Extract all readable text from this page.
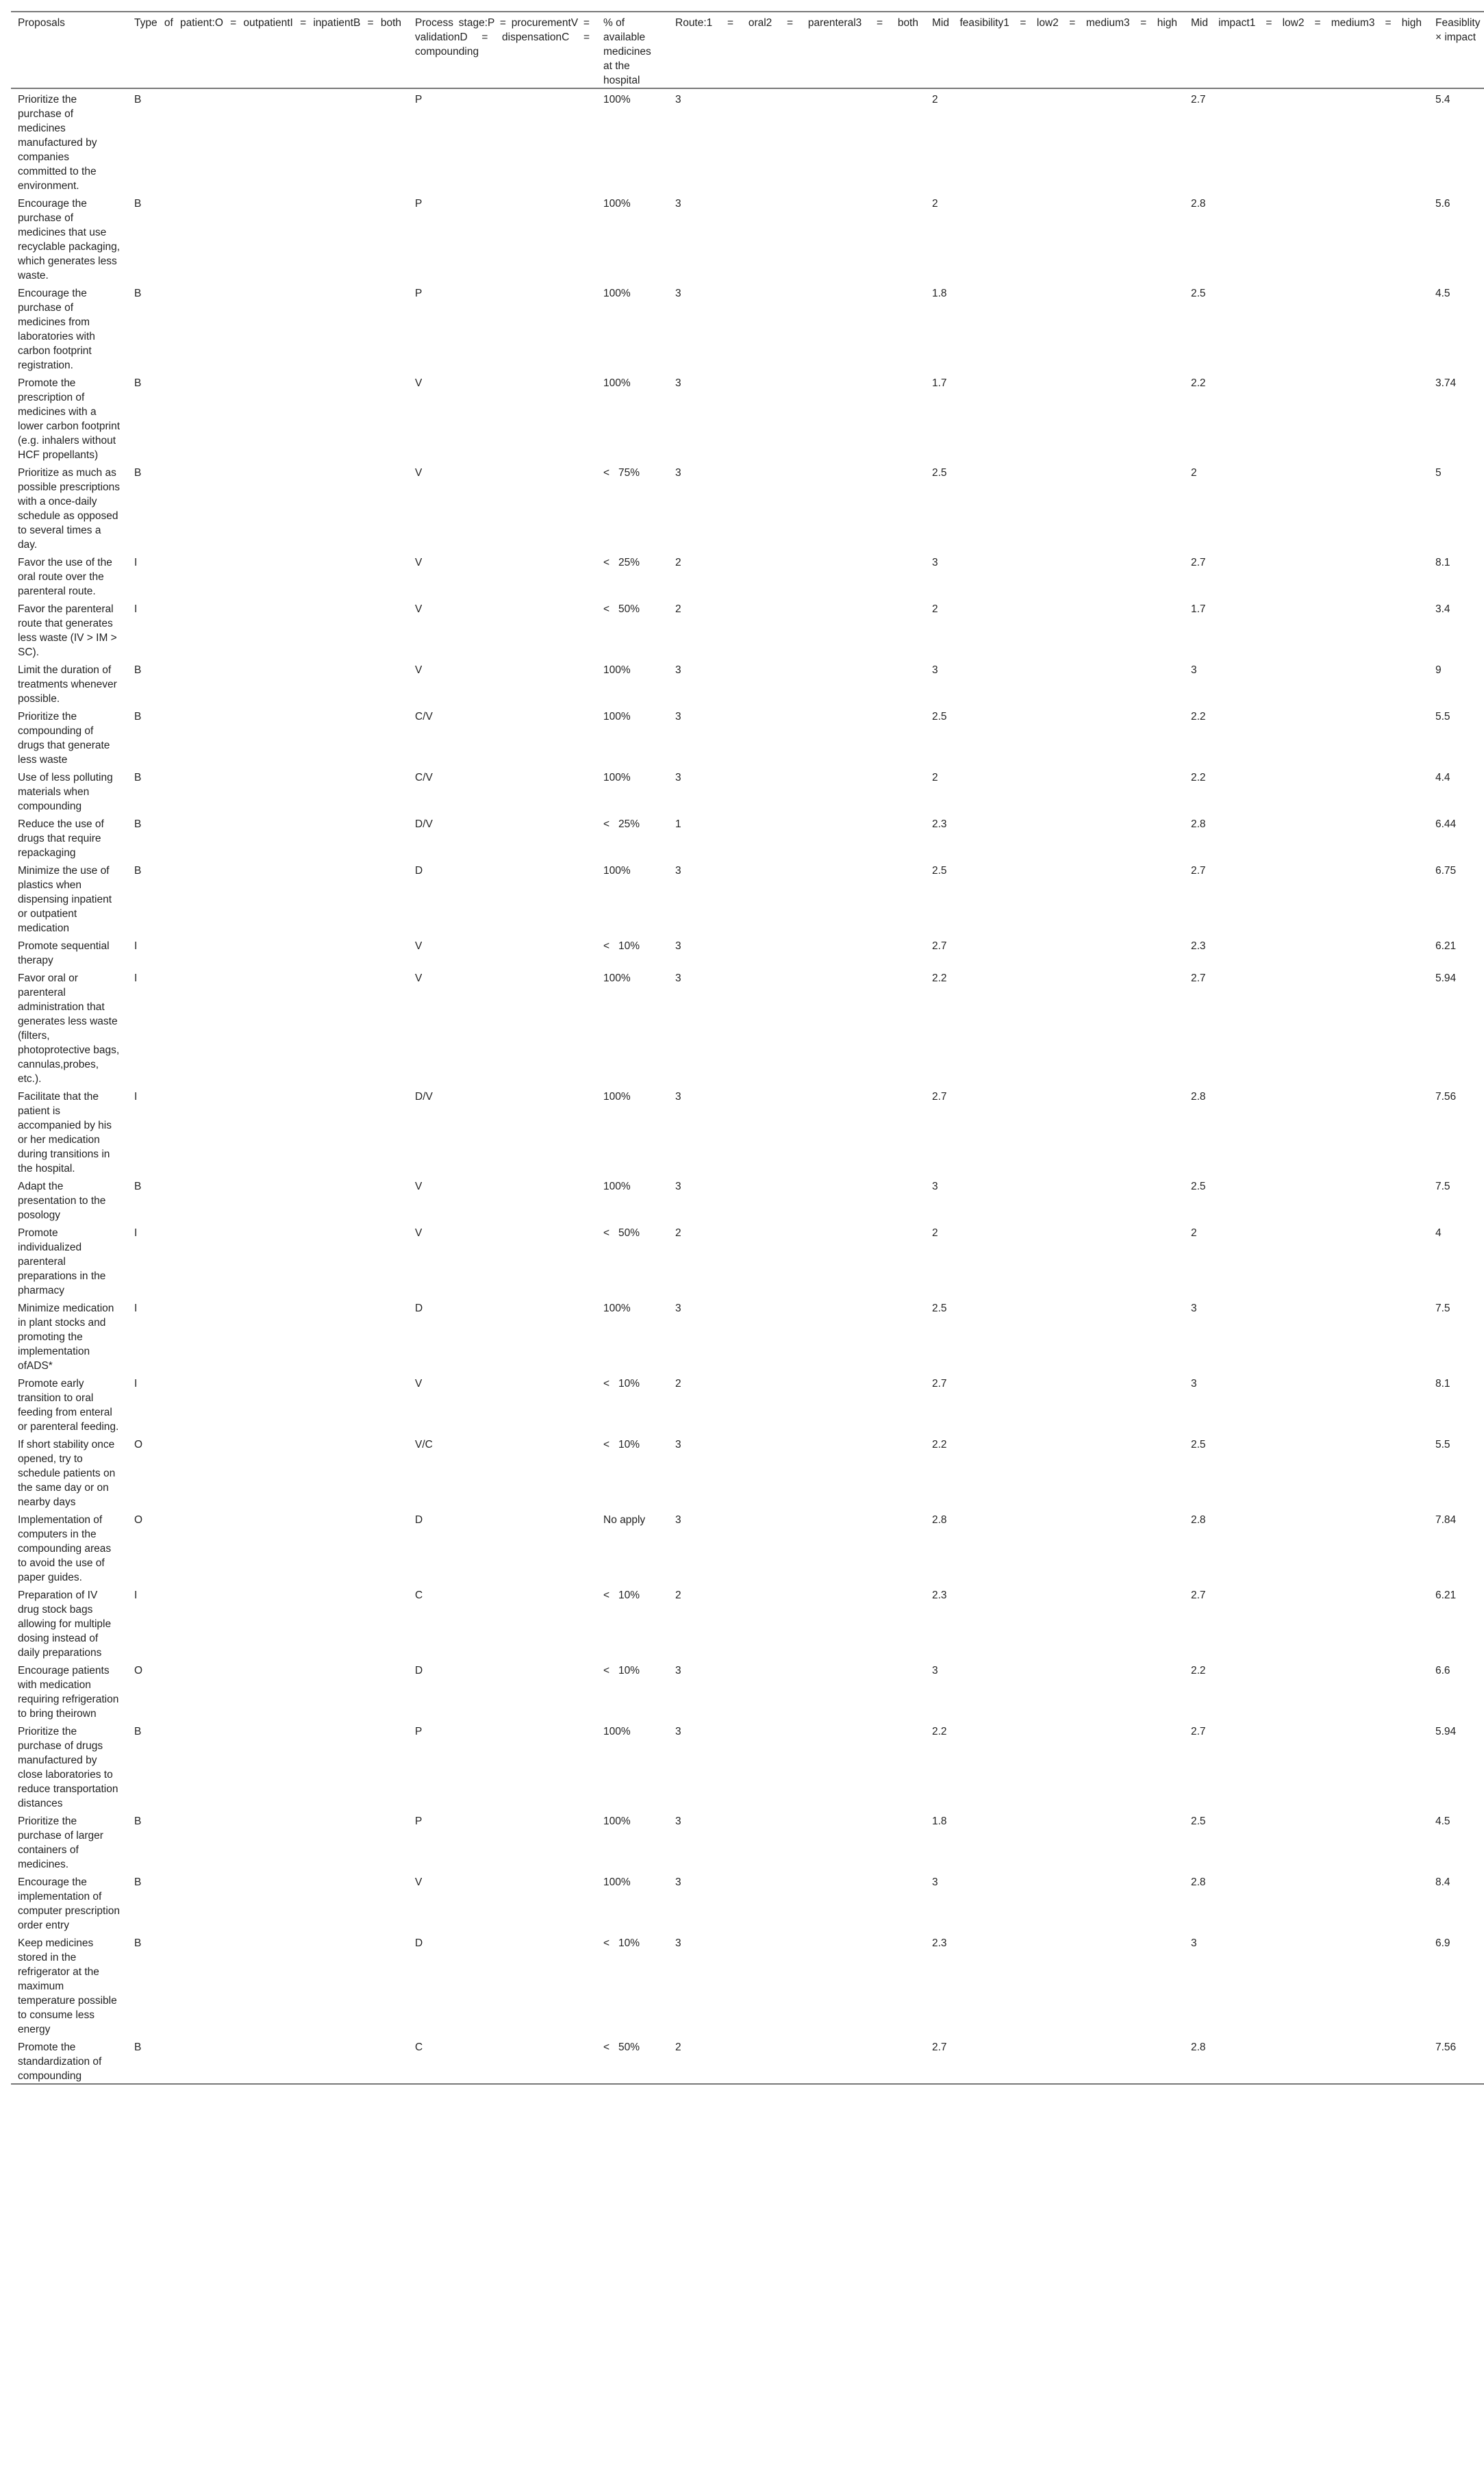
Proposals	Type of patient:O = outpatientI = inpatientB = both	Process stage:P = procurementV = validationD = dispensationC = compounding	% of available medicines at the hospital	Route:1 = oral2 = parenteral3 = both	Mid feasibility1 = low2 = medium3 = high	Mid impact1 = low2 = medium3 = high	Feasiblity × impact
Prioritize the purchase of medicines manufactured by companies committed to the environment.	B	P	100%	3	2	2.7	5.4
Encourage the purchase of medicines that use recyclable packaging, which generates less waste.	B	P	100%	3	2	2.8	5.6
Encourage the purchase of medicines from laboratories with carbon footprint registration.	B	P	100%	3	1.8	2.5	4.5
Promote the prescription of medicines with a lower carbon footprint (e.g. inhalers without HCF propellants)	B	V	100%	3	1.7	2.2	3.74
Prioritize as much as possible prescriptions with a once-daily schedule as opposed to several times a day.	B	V	<   75%	3	2.5	2	5
Favor the use of the oral route over the parenteral route.	I	V	<   25%	2	3	2.7	8.1
Favor the parenteral route that generates less waste (IV > IM > SC).	I	V	<   50%	2	2	1.7	3.4
Limit the duration of treatments whenever possible.	B	V	100%	3	3	3	9
Prioritize the compounding of drugs that generate less waste	B	C/V	100%	3	2.5	2.2	5.5
Use of less polluting materials when compounding	B	C/V	100%	3	2	2.2	4.4
Reduce the use of drugs that require repackaging	B	D/V	<   25%	1	2.3	2.8	6.44
Minimize the use of plastics when dispensing inpatient or outpatient medication	B	D	100%	3	2.5	2.7	6.75
Promote sequential therapy	I	V	<   10%	3	2.7	2.3	6.21
Favor oral or parenteral administration that generates less waste (filters, photoprotective bags, cannulas,probes, etc.).	I	V	100%	3	2.2	2.7	5.94
Facilitate that the patient is accompanied by his or her medication during transitions in the hospital.	I	D/V	100%	3	2.7	2.8	7.56
Adapt the presentation to the posology	B	V	100%	3	3	2.5	7.5
Promote individualized parenteral preparations in the pharmacy	I	V	<   50%	2	2	2	4
Minimize medication in plant stocks and promoting the implementation ofADS*	I	D	100%	3	2.5	3	7.5
Promote early transition to oral feeding from enteral or parenteral feeding.	I	V	<   10%	2	2.7	3	8.1
If short stability once opened, try to schedule patients on the same day or on nearby days	O	V/C	<   10%	3	2.2	2.5	5.5
Implementation of computers in the compounding areas to avoid the use of paper guides.	O	D	No apply	3	2.8	2.8	7.84
Preparation of IV drug stock bags allowing for multiple dosing instead of daily preparations	I	C	<   10%	2	2.3	2.7	6.21
Encourage patients with medication requiring refrigeration to bring theirown	O	D	<   10%	3	3	2.2	6.6
Prioritize the purchase of drugs manufactured by close laboratories to reduce transportation distances	B	P	100%	3	2.2	2.7	5.94
Prioritize the purchase of larger containers of medicines.	B	P	100%	3	1.8	2.5	4.5
Encourage the implementation of computer prescription order entry	B	V	100%	3	3	2.8	8.4
Keep medicines stored in the refrigerator at the maximum temperature possible to consume less energy	B	D	<   10%	3	2.3	3	6.9
Promote the standardization of compounding	B	C	<   50%	2	2.7	2.8	7.56
